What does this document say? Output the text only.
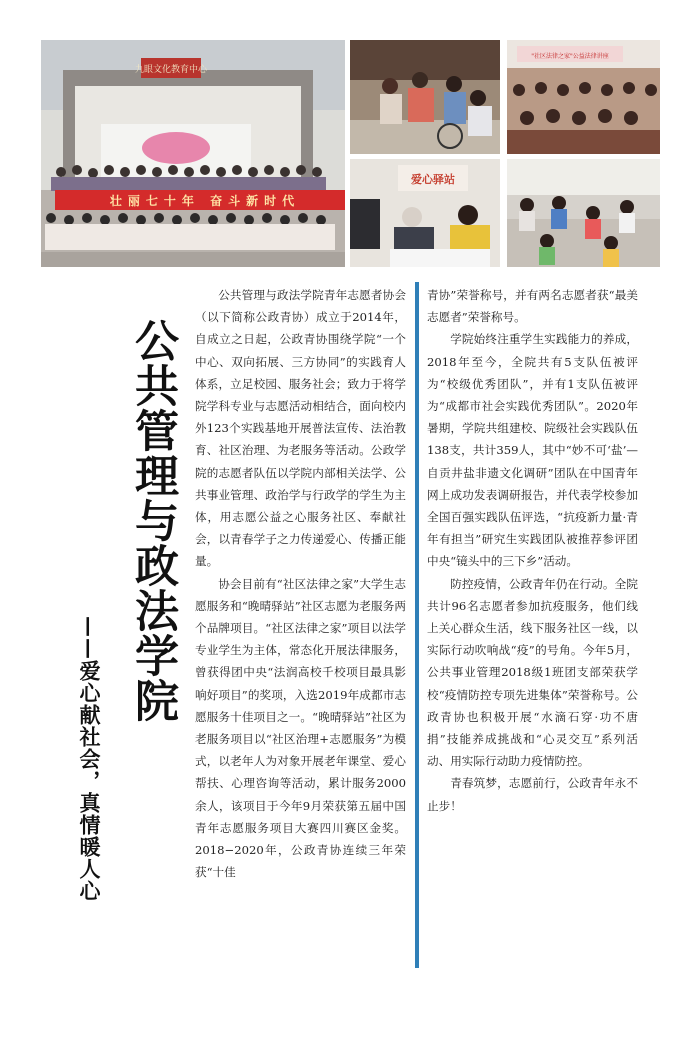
九眼文化教育中心
壮丽七十年 奋斗新时代
"社区法律之家"公益法律讲座
爱心驿站
公共管理与政法学院
——爱心献社会，真情暖人心

公共管理与政法学院青年志愿者协会（以下简称公政青协）成立于2014年，自成立之日起，公政青协围绕学院“一个中心、双向拓展、三方协同”的实践育人体系，立足校园、服务社会；致力于将学院学科专业与志愿活动相结合，面向校内外123个实践基地开展普法宣传、法治教育、社区治理、为老服务等活动。公政学院的志愿者队伍以学院内部相关法学、公共事业管理、政治学与行政学的学生为主体，用志愿公益之心服务社区、奉献社会，以青春学子之力传递爱心、传播正能量。

协会目前有“社区法律之家”大学生志愿服务和“晚晴驿站”社区志愿为老服务两个品牌项目。“社区法律之家”项目以法学专业学生为主体，常态化开展法律服务，曾获得团中央“法润高校千校项目最具影响好项目”的奖项，入选2019年成都市志愿服务十佳项目之一。“晚晴驿站”社区为老服务项目以“社区治理+志愿服务”为模式，以老年人为对象开展老年课堂、爱心帮扶、心理咨询等活动，累计服务2000余人，该项目于今年9月荣获第五届中国青年志愿服务项目大赛四川赛区金奖。2018−2020年，公政青协连续三年荣获“十佳

青协”荣誉称号，并有两名志愿者获“最美志愿者”荣誉称号。

学院始终注重学生实践能力的养成，2018年至今，全院共有5支队伍被评为“校级优秀团队”，并有1支队伍被评为“成都市社会实践优秀团队”。2020年暑期，学院共组建校、院级社会实践队伍138支，共计359人，其中“妙不可‘盐’—自贡井盐非遗文化调研”团队在中国青年网上成功发表调研报告，并代表学校参加全国百强实践队伍评选，“抗疫新力量·青年有担当”研究生实践团队被推荐参评团中央“镜头中的三下乡”活动。

防控疫情，公政青年仍在行动。全院共计96名志愿者参加抗疫服务，他们线上关心群众生活，线下服务社区一线，以实际行动吹响战“疫”的号角。今年5月，公共事业管理2018级1班团支部荣获学校“疫情防控专项先进集体”荣誉称号。公政青协也积极开展“水滴石穿·功不唐捐”技能养成挑战和“心灵交互”系列活动、用实际行动助力疫情防控。

青春筑梦，志愿前行，公政青年永不止步！
